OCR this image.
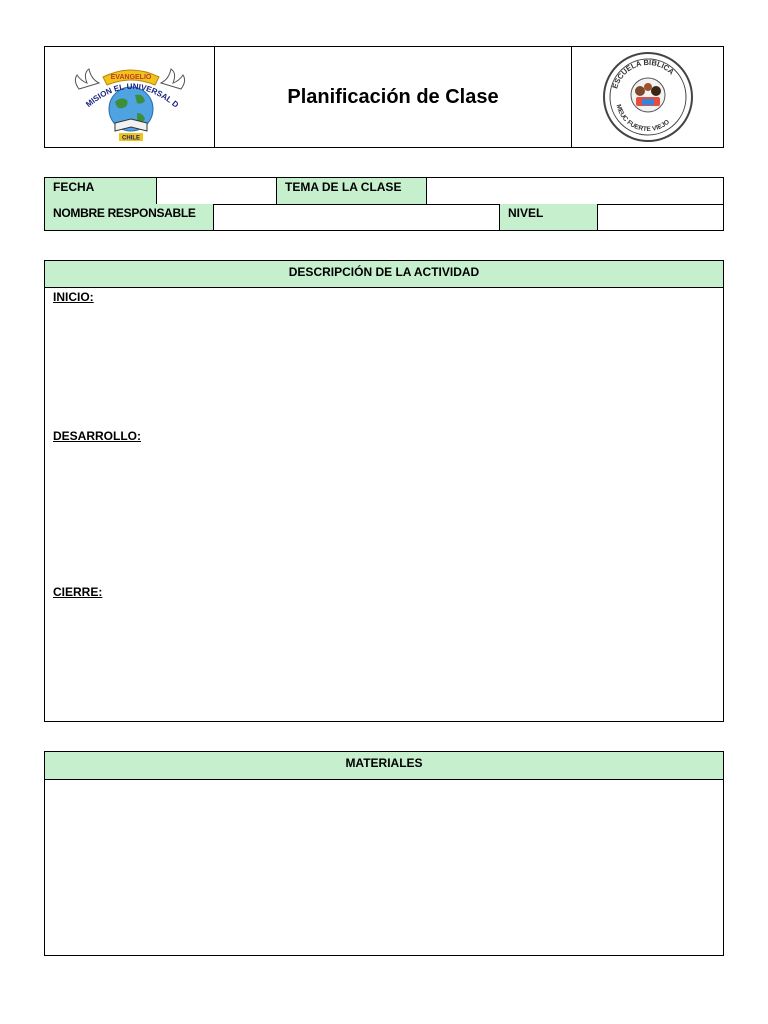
EVANGELIO
MISION EL UNIVERSAL D
CHILE
Planificación de Clase	ESCUELA BÍBLICA
MEUC FUERTE VIEJO
FECHA	TEMA DE LA CLASE
NOMBRE RESPONSABLE	NIVEL
DESCRIPCIÓN DE LA ACTIVIDAD
INICIO:
DESARROLLO:
CIERRE:
MATERIALES
